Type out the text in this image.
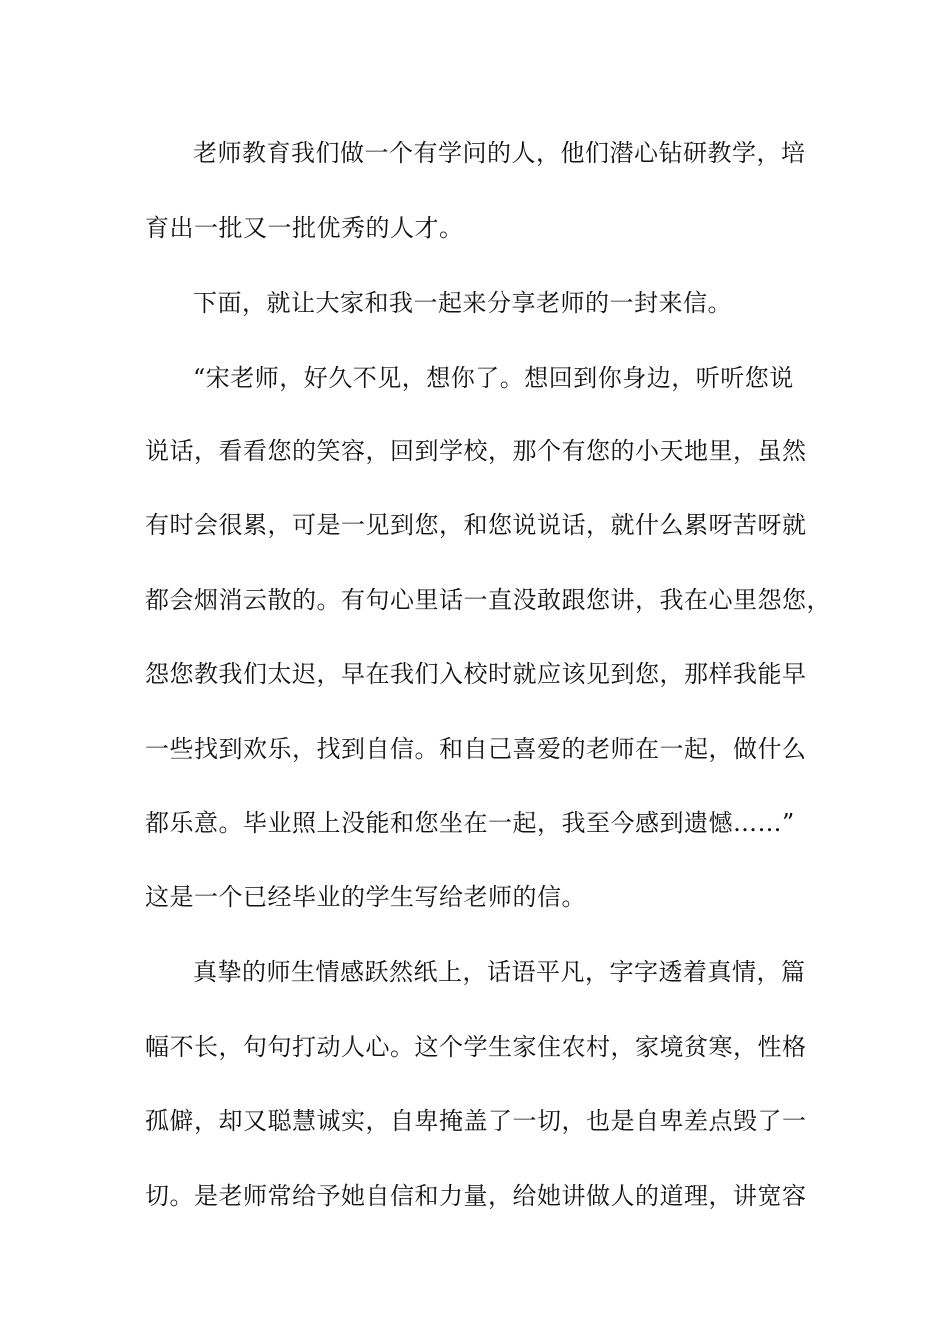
老师教育我们做一个有学问的人，他们潜心钻研教学，培
育出一批又一批优秀的人才。
下面，就让大家和我一起来分享老师的一封来信。
“宋老师，好久不见，想你了。想回到你身边，听听您说
说话，看看您的笑容，回到学校，那个有您的小天地里，虽然
有时会很累，可是一见到您，和您说说话，就什么累呀苦呀就
都会烟消云散的。有句心里话一直没敢跟您讲，我在心里怨您，
怨您教我们太迟，早在我们入校时就应该见到您，那样我能早
一些找到欢乐，找到自信。和自己喜爱的老师在一起，做什么
都乐意。毕业照上没能和您坐在一起，我至今感到遗憾……”
这是一个已经毕业的学生写给老师的信。
真挚的师生情感跃然纸上，话语平凡，字字透着真情，篇
幅不长，句句打动人心。这个学生家住农村，家境贫寒，性格
孤僻，却又聪慧诚实，自卑掩盖了一切，也是自卑差点毁了一
切。是老师常给予她自信和力量，给她讲做人的道理，讲宽容
